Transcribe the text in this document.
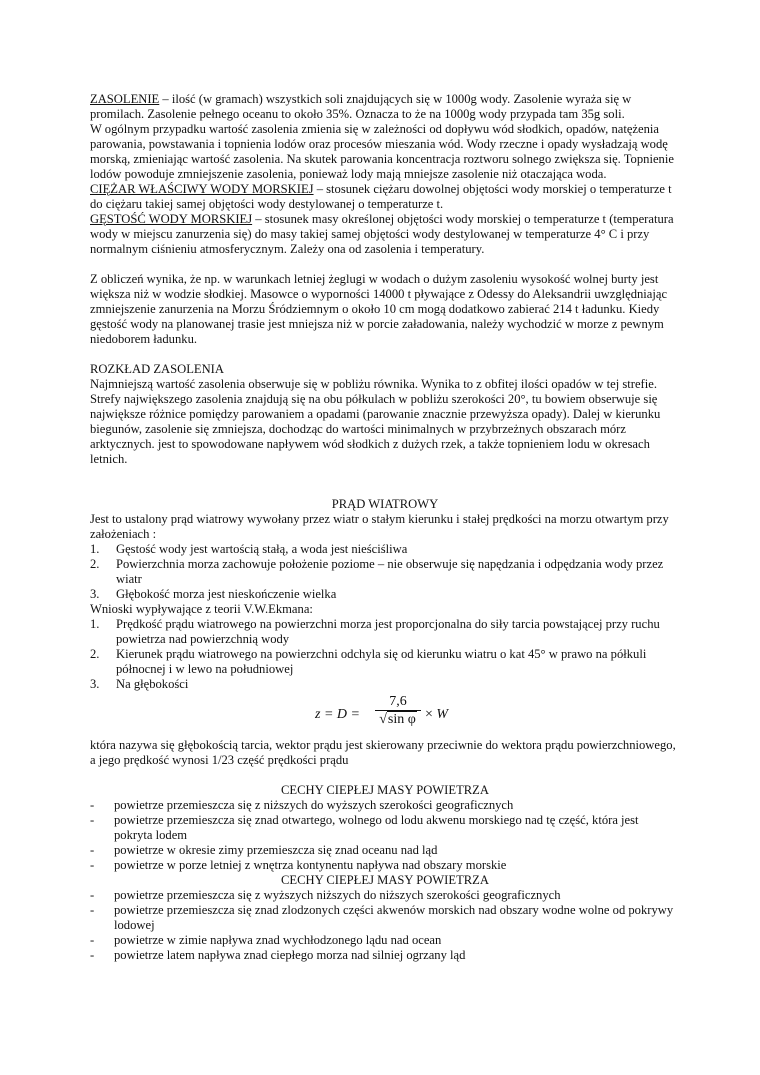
ZASOLENIE – ilość (w gramach) wszystkich soli znajdujących się w 1000g wody. Zasolenie wyraża się w promilach. Zasolenie pełnego oceanu to około 35%. Oznacza to że na 1000g wody przypada tam 35g soli.

W ogólnym przypadku wartość zasolenia zmienia się w zależności od dopływu wód słodkich, opadów, natężenia parowania, powstawania i topnienia lodów oraz procesów mieszania wód. Wody rzeczne i opady wysładzają wodę morską, zmieniając wartość zasolenia. Na skutek parowania koncentracja roztworu solnego zwiększa się. Topnienie lodów powoduje zmniejszenie zasolenia, ponieważ lody mają mniejsze zasolenie niż otaczająca woda.

CIĘŻAR WŁAŚCIWY WODY MORSKIEJ – stosunek ciężaru dowolnej objętości wody morskiej o temperaturze t do ciężaru takiej samej objętości wody destylowanej o temperaturze t.

GĘSTOŚĆ WODY MORSKIEJ – stosunek masy określonej objętości wody morskiej o temperaturze t (temperatura wody w miejscu zanurzenia się) do masy takiej samej objętości wody destylowanej w temperaturze 4° C i przy normalnym ciśnieniu atmosferycznym. Zależy ona od zasolenia i temperatury.

Z obliczeń wynika, że np. w warunkach letniej żeglugi w wodach o dużym zasoleniu wysokość wolnej burty jest większa niż w wodzie słodkiej. Masowce o wyporności 14000 t pływające z Odessy do Aleksandrii uwzględniając zmniejszenie zanurzenia na Morzu Śródziemnym o około 10 cm mogą dodatkowo zabierać 214 t ładunku. Kiedy gęstość wody na planowanej trasie jest mniejsza niż w porcie załadowania, należy wychodzić w morze z pewnym niedoborem ładunku.

ROZKŁAD ZASOLENIA

Najmniejszą wartość zasolenia obserwuje się w pobliżu równika. Wynika to z obfitej ilości opadów w tej strefie. Strefy największego zasolenia znajdują się na obu półkulach w pobliżu szerokości 20°, tu bowiem obserwuje się największe różnice pomiędzy parowaniem a opadami (parowanie znacznie przewyższa opady). Dalej w kierunku biegunów, zasolenie się zmniejsza, dochodząc do wartości minimalnych w przybrzeżnych obszarach mórz arktycznych. jest to spowodowane napływem wód słodkich z dużych rzek, a także topnieniem lodu w okresach letnich.

PRĄD WIATROWY

Jest to ustalony prąd wiatrowy wywołany przez wiatr o stałym kierunku i stałej prędkości na morzu otwartym przy założeniach :

1.	Gęstość wody jest wartością stałą, a woda jest nieściśliwa
2.	Powierzchnia morza zachowuje położenie poziome – nie obserwuje się napędzania i odpędzania wody przez wiatr
3.	Głębokość morza jest nieskończenie wielka

Wnioski wypływające z teorii V.W.Ekmana:

1.	Prędkość prądu wiatrowego na powierzchni morza jest proporcjonalna do siły tarcia powstającej przy ruchu powietrza nad powierzchnią wody
2.	Kierunek prądu wiatrowego na powierzchni odchyla się od kierunku wiatru o kat 45° w prawo na półkuli północnej i w lewo na południowej
3.	Na głębokości
z = D =
7,6
√sin φ × W

która nazywa się głębokością tarcia, wektor prądu jest skierowany przeciwnie do wektora prądu powierzchniowego, a jego prędkość wynosi 1/23 część prędkości prądu

CECHY CIEPŁEJ MASY POWIETRZA

-	powietrze przemieszcza się z niższych do wyższych szerokości geograficznych
-	powietrze przemieszcza się znad otwartego, wolnego od lodu akwenu morskiego nad tę część, która jest pokryta lodem
-	powietrze w okresie zimy przemieszcza się znad oceanu nad ląd
-	powietrze w porze letniej z wnętrza kontynentu napływa nad obszary morskie

CECHY CIEPŁEJ MASY POWIETRZA

-	powietrze przemieszcza się z wyższych niższych do niższych szerokości geograficznych
-	powietrze przemieszcza się znad zlodzonych części akwenów morskich nad obszary wodne wolne od pokrywy lodowej
-	powietrze w zimie napływa znad wychłodzonego lądu nad ocean
-	powietrze latem napływa znad ciepłego morza nad silniej ogrzany ląd
